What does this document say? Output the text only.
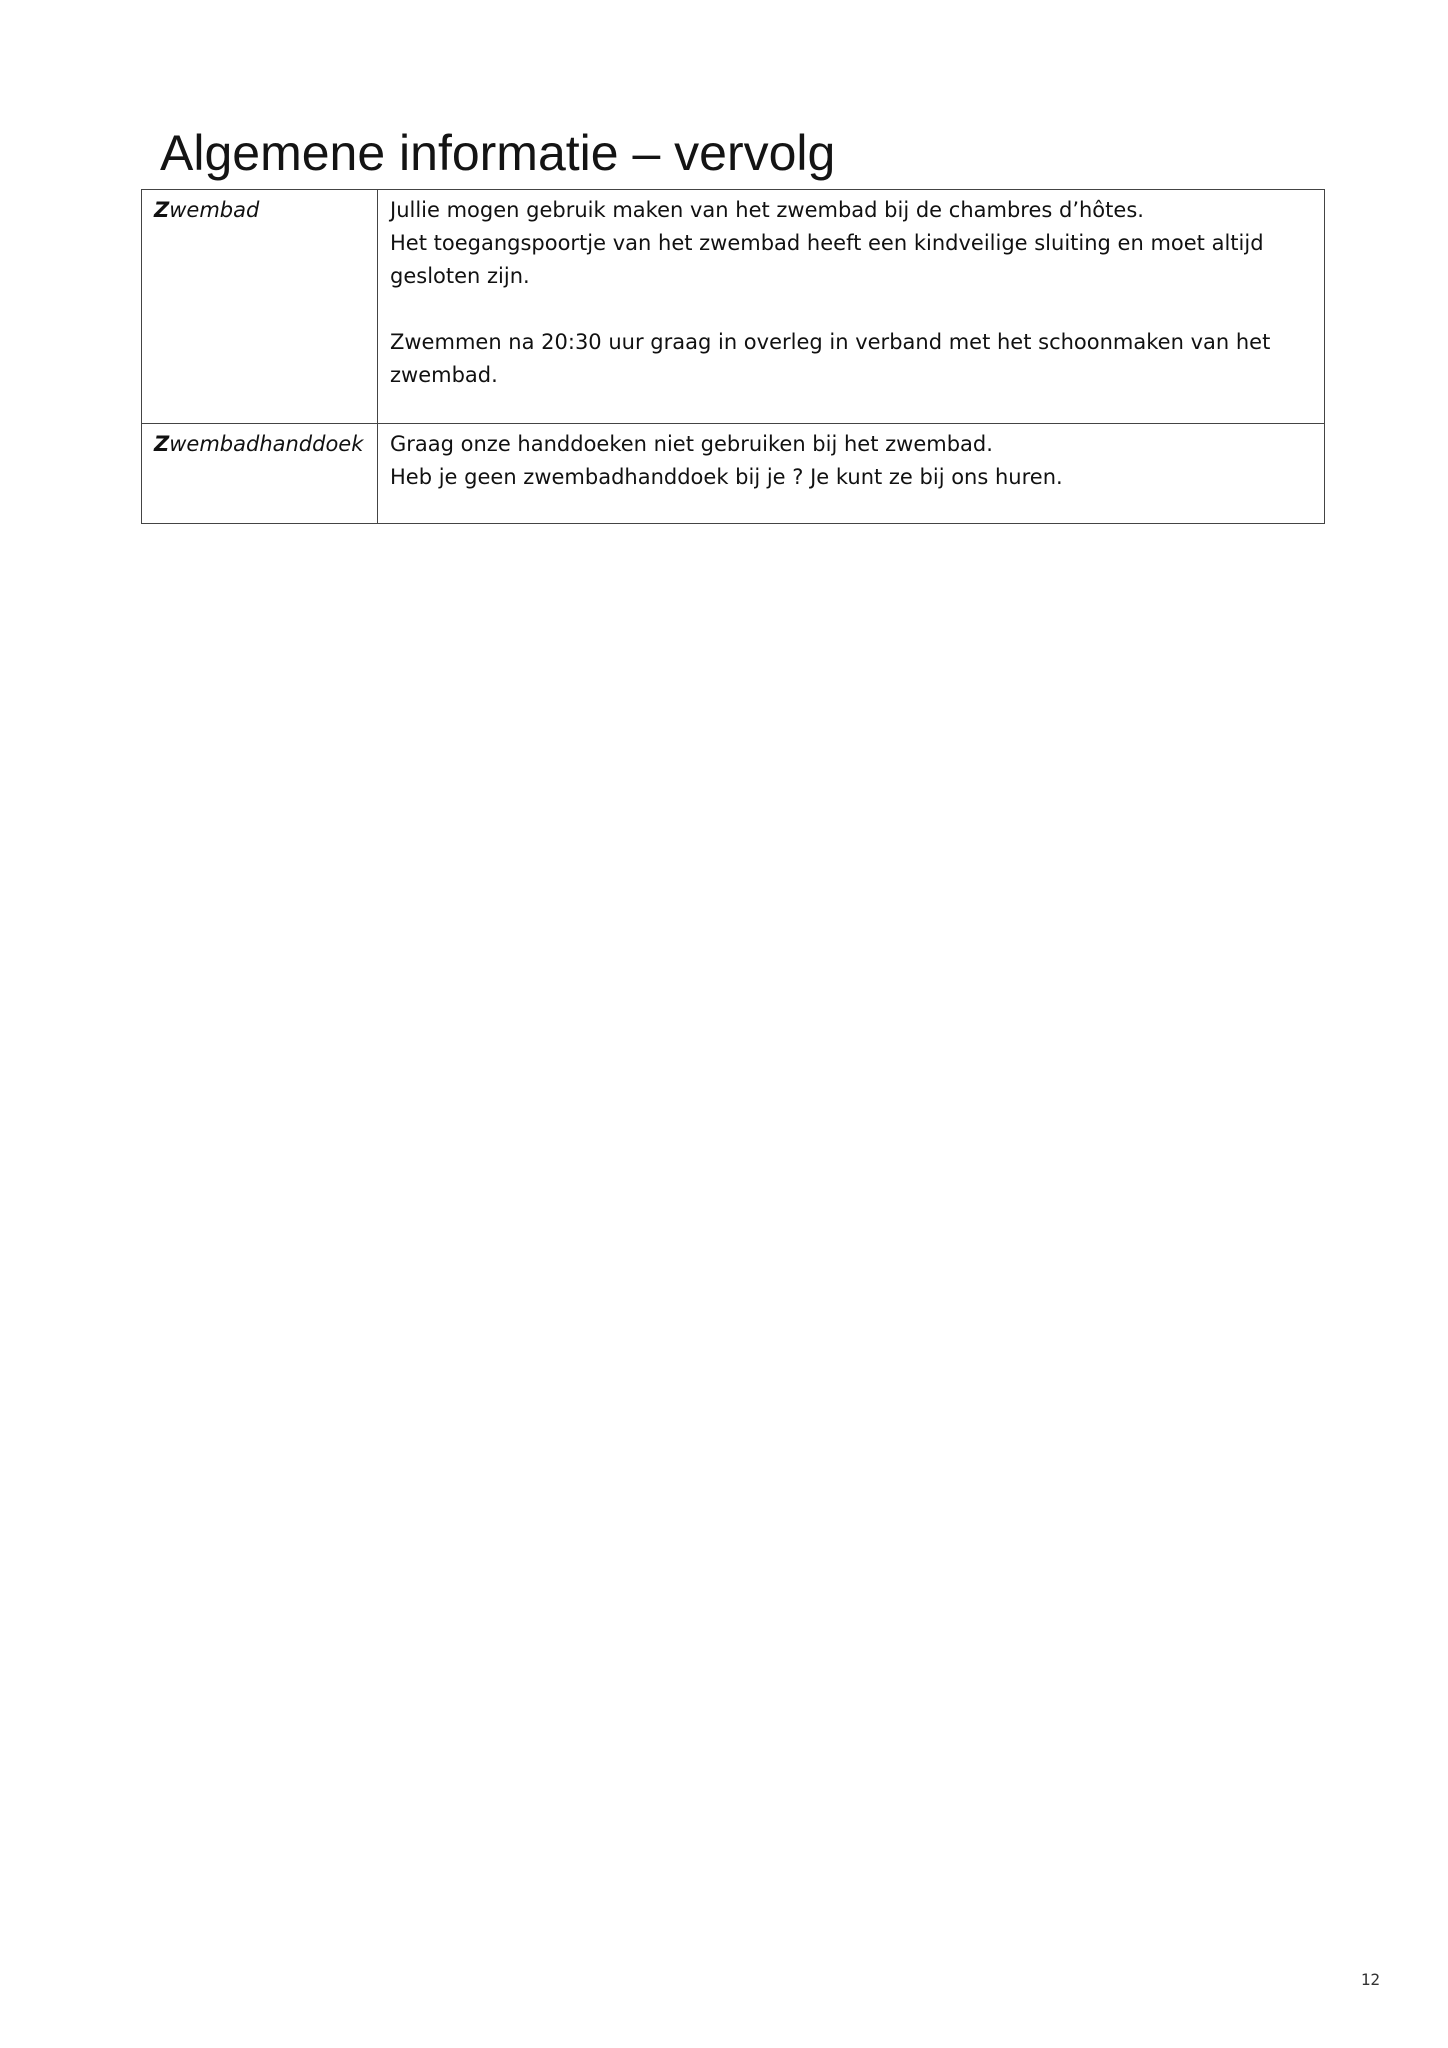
Algemene informatie – vervolg
Zwembad	Jullie mogen gebruik maken van het zwembad bij de chambres d’hôtes.
Het toegangspoortje van het zwembad heeft een kindveilige sluiting en moet altijd gesloten zijn.
Zwemmen na 20:30 uur graag in overleg in verband met het schoonmaken van het zwembad.

Zwembadhanddoek	Graag onze handdoeken niet gebruiken bij het zwembad.
Heb je geen zwembadhanddoek bij je ? Je kunt ze bij ons huren.
12
